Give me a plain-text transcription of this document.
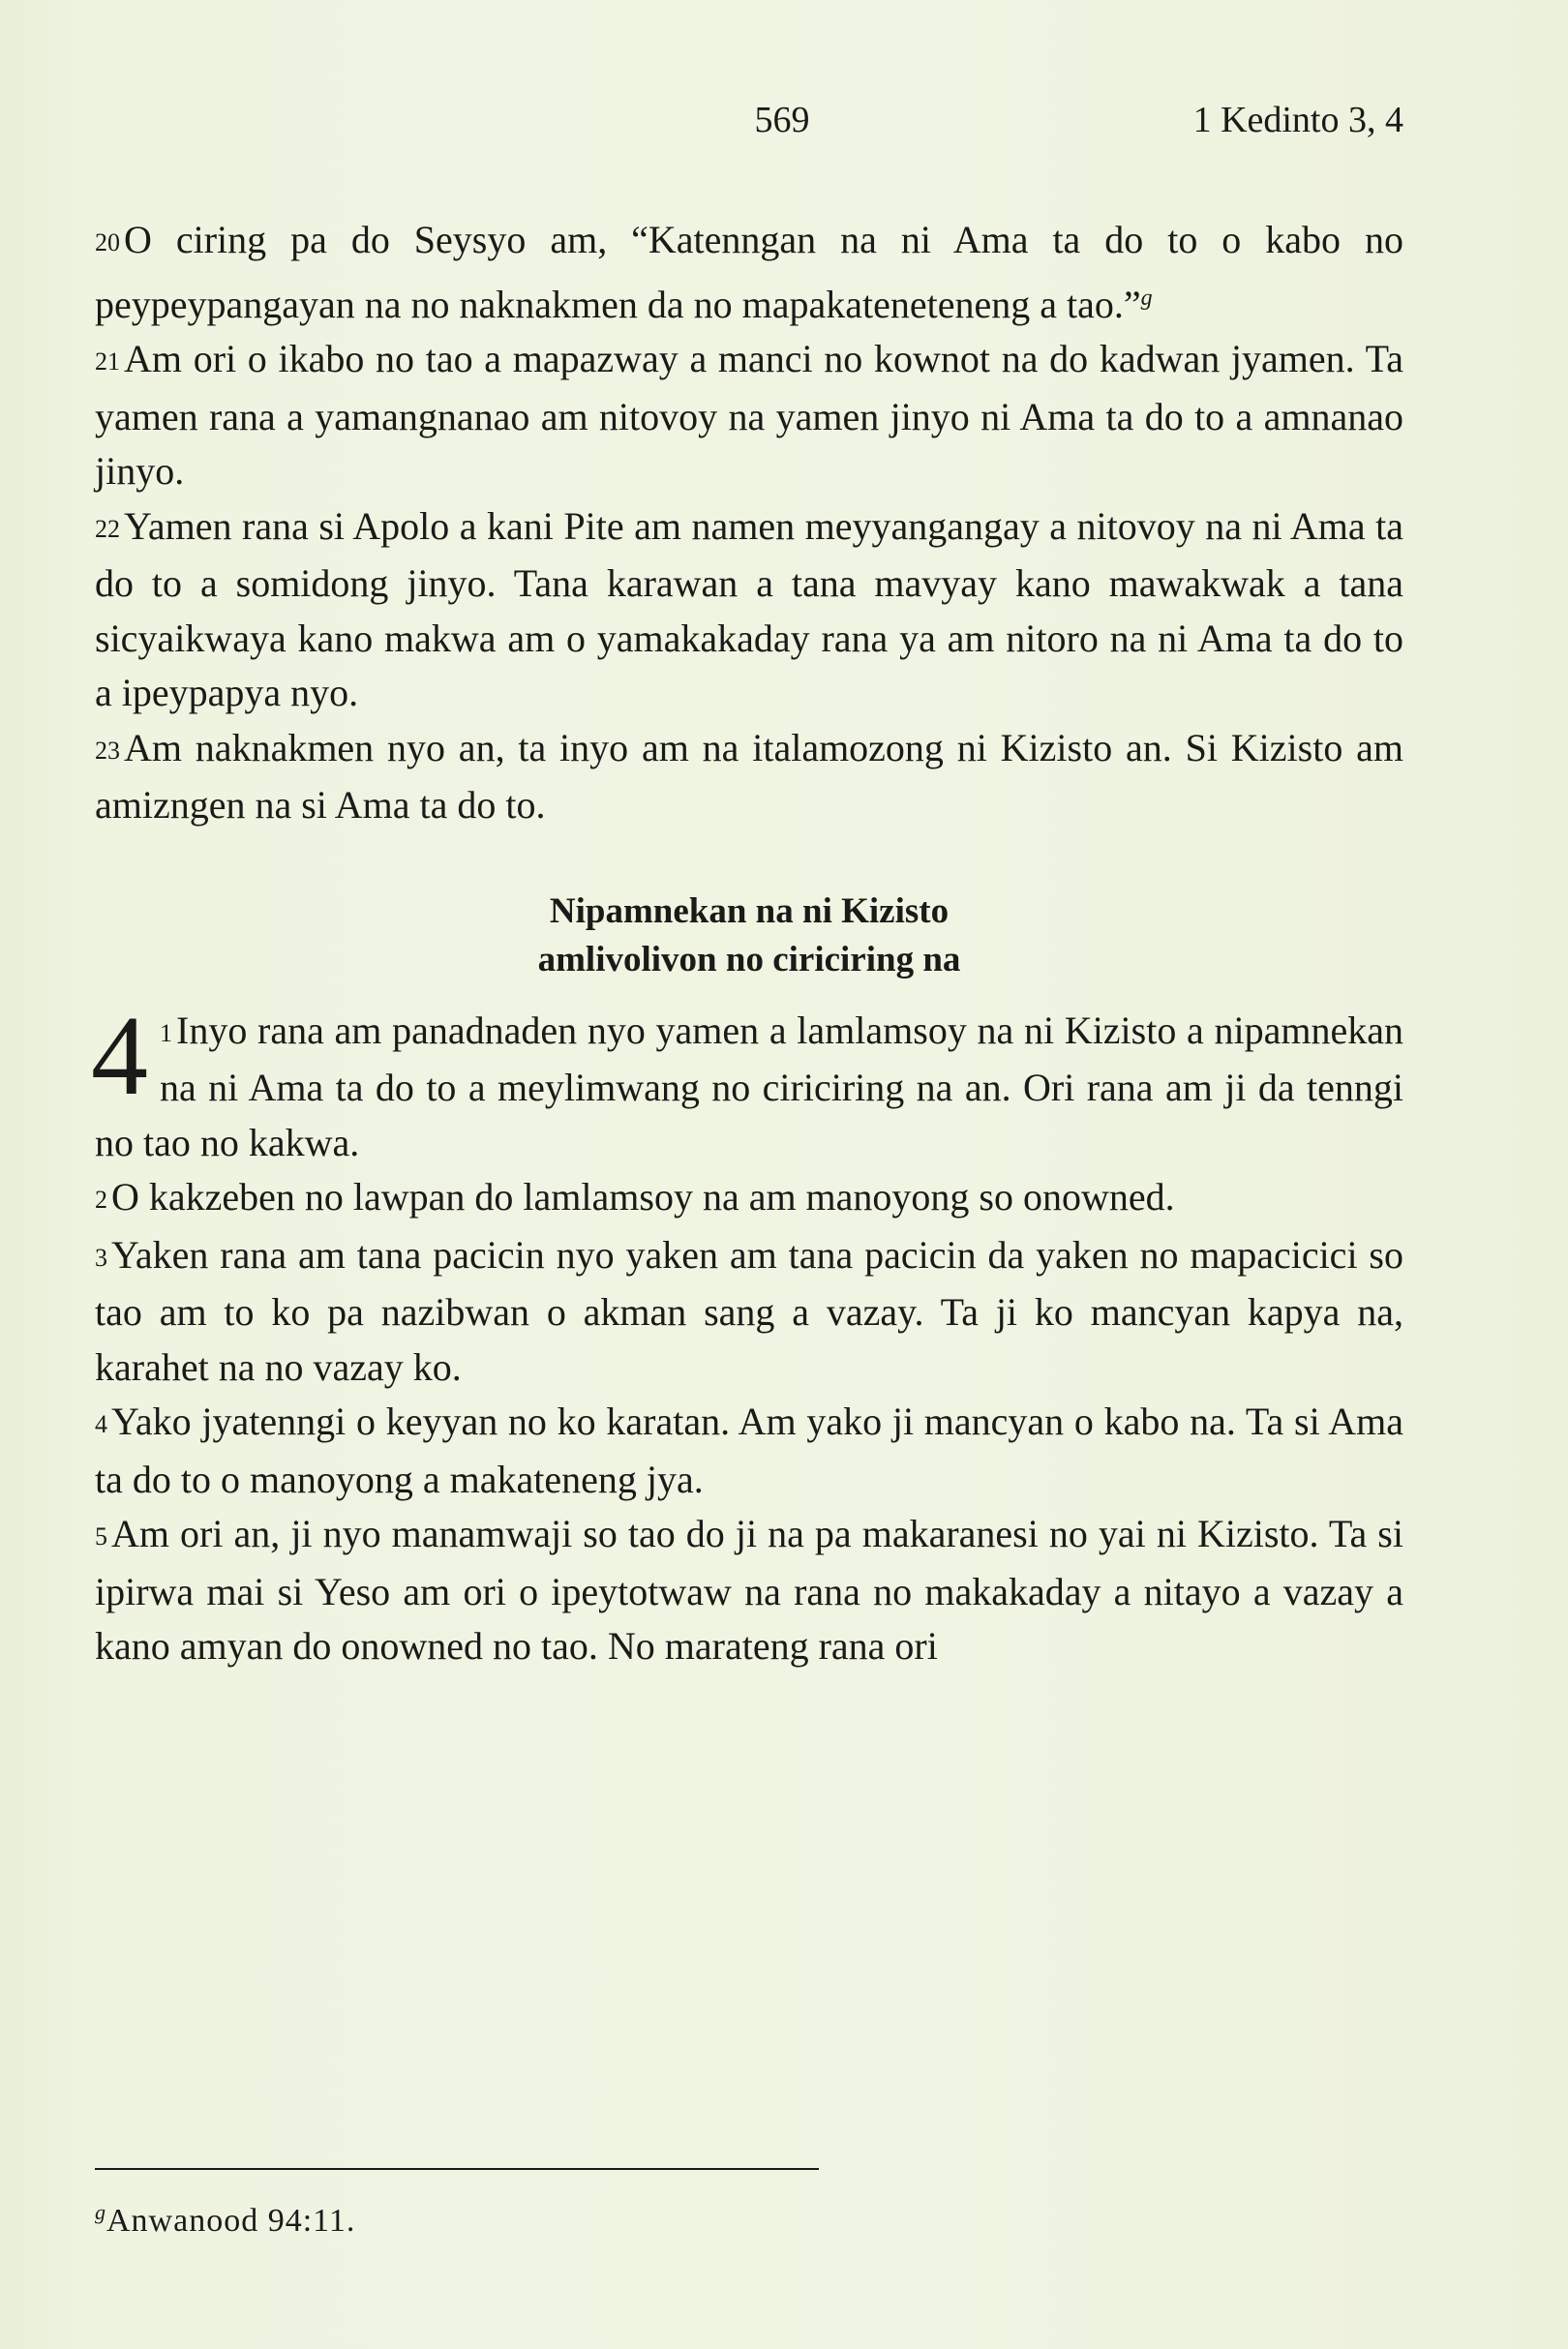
569	1 Kedinto 3, 4

20 O ciring pa do Seysyo am, “Katenngan na ni Ama ta do to o kabo no peypeypangayan na no naknakmen da no mapakateneteneng a tao.”$^g$

21 Am ori o ikabo no tao a mapazway a manci no kownot na do kadwan jyamen. Ta yamen rana a yamangnanao am nitovoy na yamen jinyo ni Ama ta do to a amnanao jinyo.

22 Yamen rana si Apolo a kani Pite am namen meyyangangay a nitovoy na ni Ama ta do to a somidong jinyo. Tana karawan a tana mavyay kano mawakwak a tana sicyaikwaya kano makwa am o yamakakaday rana ya am nitoro na ni Ama ta do to a ipeypapya nyo.

23 Am naknakmen nyo an, ta inyo am na italamozong ni Kizisto an. Si Kizisto am amizngen na si Ama ta do to.

Nipamnekan na ni Kizisto
amlivolivon no ciriciring na

4 1 Inyo rana am panadnaden nyo yamen a lamlamsoy na ni Kizisto a nipamnekan na ni Ama ta do to a meylimwang no ciriciring na an. Ori rana am ji da tenngi no tao no kakwa.

2 O kakzeben no lawpan do lamlamsoy na am manoyong so onowned.

3 Yaken rana am tana pacicin nyo yaken am tana pacicin da yaken no mapacicici so tao am to ko pa nazibwan o akman sang a vazay. Ta ji ko mancyan kapya na, karahet na no vazay ko.

4 Yako jyatenngi o keyyan no ko karatan. Am yako ji mancyan o kabo na. Ta si Ama ta do to o manoyong a makateneng jya.

5 Am ori an, ji nyo manamwaji so tao do ji na pa makaranesi no yai ni Kizisto. Ta si ipirwa mai si Yeso am ori o ipeytotwaw na rana no makakaday a nitayo a vazay a kano amyan do onowned no tao. No marateng rana ori

$^g$Anwanood 94:11.
